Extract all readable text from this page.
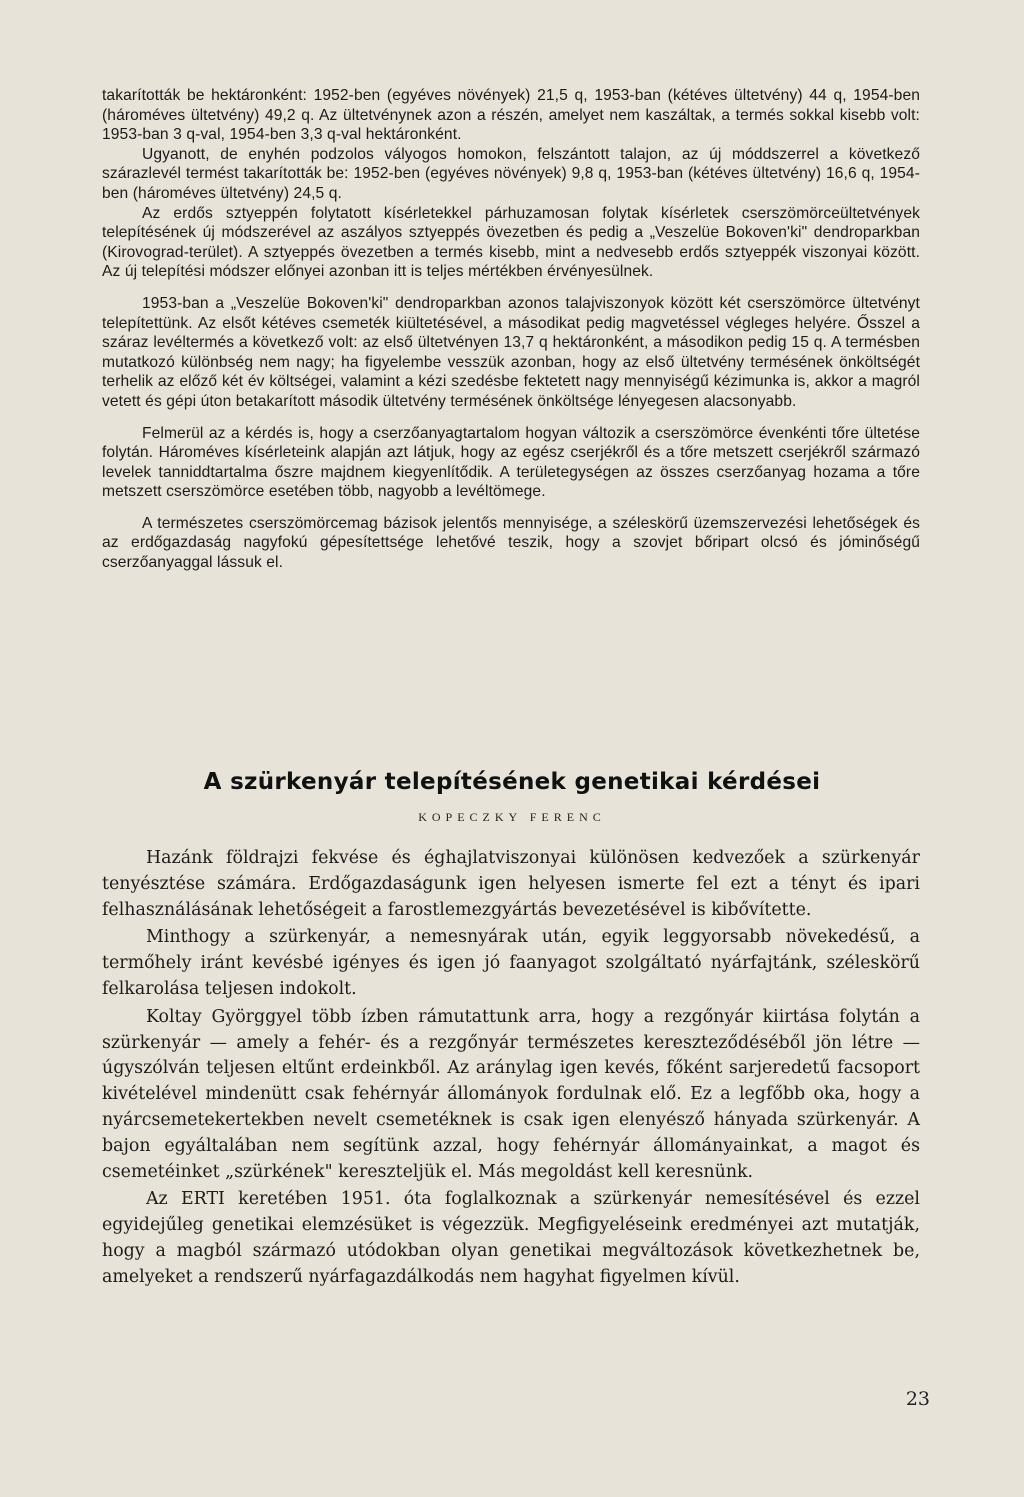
takarították be hektáronként: 1952-ben (egyéves növények) 21,5 q, 1953-ban (kétéves ültetvény) 44 q, 1954-ben (hároméves ültetvény) 49,2 q. Az ültetvénynek azon a részén, amelyet nem kaszáltak, a termés sokkal kisebb volt: 1953-ban 3 q-val, 1954-ben 3,3 q-val hektáronként.

Ugyanott, de enyhén podzolos vályogos homokon, felszántott talajon, az új móddszerrel a következő szárazlevél termést takarították be: 1952-ben (egyéves növények) 9,8 q, 1953-ban (kétéves ültetvény) 16,6 q, 1954-ben (hároméves ültetvény) 24,5 q.

Az erdős sztyeppén folytatott kísérletekkel párhuzamosan folytak kísérletek cserszömörceültetvények telepítésének új módszerével az aszályos sztyeppés övezetben és pedig a „Veszelüe Bokoven'ki" dendroparkban (Kirovograd-terület). A sztyeppés övezetben a termés kisebb, mint a nedvesebb erdős sztyeppék viszonyai között. Az új telepítési módszer előnyei azonban itt is teljes mértékben érvényesülnek.

1953-ban a „Veszelüe Bokoven'ki" dendroparkban azonos talajviszonyok között két cserszömörce ültetvényt telepítettünk. Az elsőt kétéves csemeték kiültetésével, a másodikat pedig magvetéssel végleges helyére. Ősszel a száraz levéltermés a következő volt: az első ültetvényen 13,7 q hektáronként, a másodikon pedig 15 q. A termésben mutatkozó különbség nem nagy; ha figyelembe vesszük azonban, hogy az első ültetvény termésének önköltségét terhelik az előző két év költségei, valamint a kézi szedésbe fektetett nagy mennyiségű kézimunka is, akkor a magról vetett és gépi úton betakarított második ültetvény termésének önköltsége lényegesen alacsonyabb.

Felmerül az a kérdés is, hogy a cserzőanyagtartalom hogyan változik a cserszömörce évenkénti tőre ültetése folytán. Hároméves kísérleteink alapján azt látjuk, hogy az egész cserjékről és a tőre metszett cserjékről származó levelek tanniddtartalma őszre majdnem kiegyenlítődik. A területegységen az összes cserzőanyag hozama a tőre metszett cserszömörce esetében több, nagyobb a levéltömege.

A természetes cserszömörcemag bázisok jelentős mennyisége, a széleskörű üzemszervezési lehetőségek és az erdőgazdaság nagyfokú gépesítettsége lehetővé teszik, hogy a szovjet bőripart olcsó és jóminőségű cserzőanyaggal lássuk el.

A szürkenyár telepítésének genetikai kérdései
KOPECZKY FERENC

Hazánk földrajzi fekvése és éghajlatviszonyai különösen kedvezőek a szürkenyár tenyésztése számára. Erdőgazdaságunk igen helyesen ismerte fel ezt a tényt és ipari felhasználásának lehetőségeit a farostlemezgyártás bevezetésével is kibővítette.

Minthogy a szürkenyár, a nemesnyárak után, egyik leggyorsabb növekedésű, a termőhely iránt kevésbé igényes és igen jó faanyagot szolgáltató nyárfajtánk, széleskörű felkarolása teljesen indokolt.

Koltay Györggyel több ízben rámutattunk arra, hogy a rezgőnyár kiirtása folytán a szürkenyár — amely a fehér- és a rezgőnyár természetes kereszteződéséből jön létre — úgyszólván teljesen eltűnt erdeinkből. Az aránylag igen kevés, főként sarjeredetű facsoport kivételével mindenütt csak fehérnyár állományok fordulnak elő. Ez a legfőbb oka, hogy a nyárcsemetekertekben nevelt csemetéknek is csak igen elenyésző hányada szürkenyár. A bajon egyáltalában nem segítünk azzal, hogy fehérnyár állományainkat, a magot és csemetéinket „szürkének" kereszteljük el. Más megoldást kell keresnünk.

Az ERTI keretében 1951. óta foglalkoznak a szürkenyár nemesítésével és ezzel egyidejűleg genetikai elemzésüket is végezzük. Megfigyeléseink eredményei azt mutatják, hogy a magból származó utódokban olyan genetikai megváltozások következhetnek be, amelyeket a rendszerű nyárfagazdálkodás nem hagyhat figyelmen kívül.

23
